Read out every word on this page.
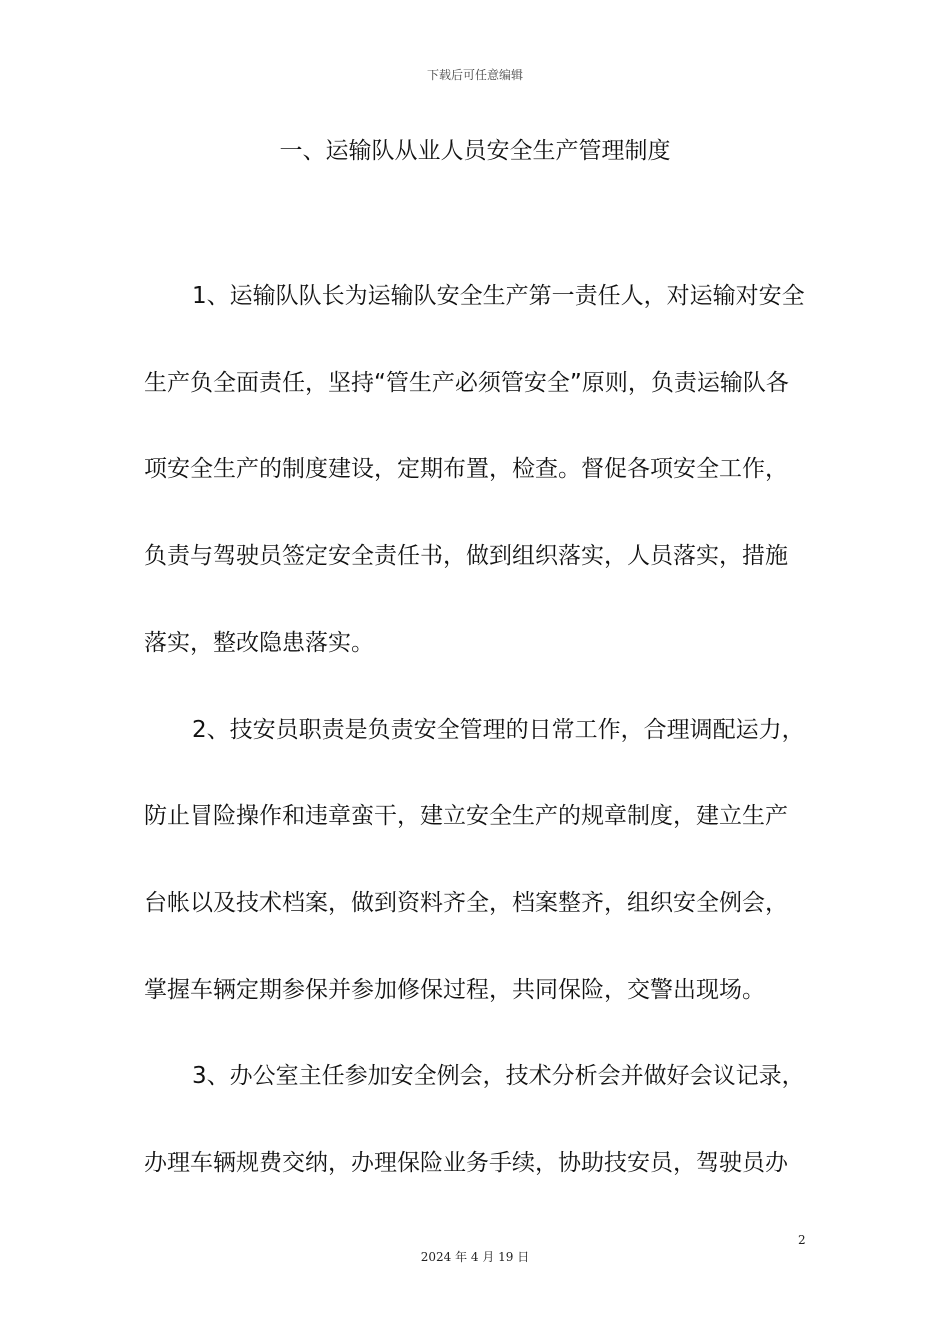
下载后可任意编辑
一、运输队从业人员安全生产管理制度

1、运输队队长为运输队安全生产第一责任人，对运输对安全
生产负全面责任，坚持“管生产必须管安全”原则，负责运输队各
项安全生产的制度建设，定期布置，检查。督促各项安全工作，
负责与驾驶员签定安全责任书，做到组织落实，人员落实，措施
落实，整改隐患落实。

2、技安员职责是负责安全管理的日常工作，合理调配运力，
防止冒险操作和违章蛮干，建立安全生产的规章制度，建立生产
台帐以及技术档案，做到资料齐全，档案整齐，组织安全例会，
掌握车辆定期参保并参加修保过程，共同保险，交警出现场。

3、办公室主任参加安全例会，技术分析会并做好会议记录，
办理车辆规费交纳，办理保险业务手续，协助技安员，驾驶员办

2
2024 年 4 月 19 日
